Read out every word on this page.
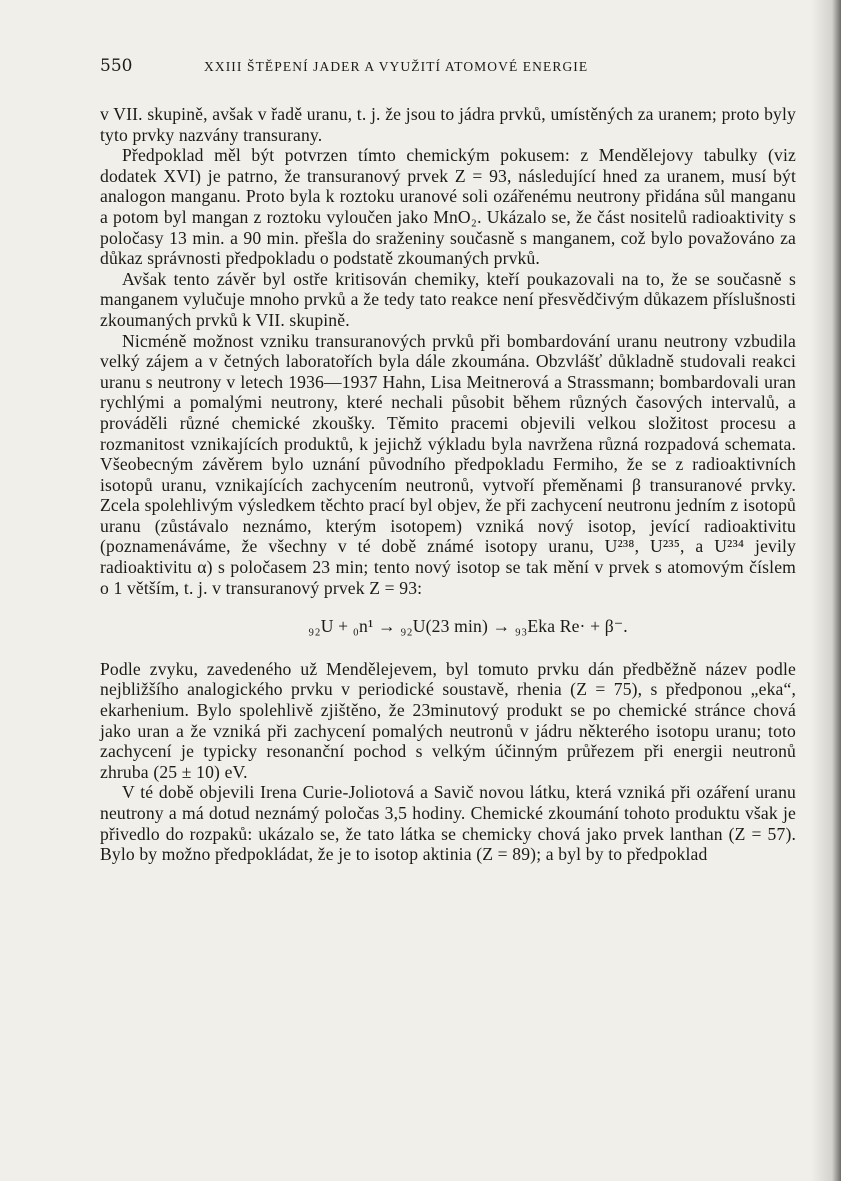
550	XXIII ŠTĚPENÍ JADER A VYUŽITÍ ATOMOVÉ ENERGIE

v VII. skupině, avšak v řadě uranu, t. j. že jsou to jádra prvků, umístěných za uranem; proto byly tyto prvky nazvány transurany.

Předpoklad měl být potvrzen tímto chemickým pokusem: z Mendělejovy tabulky (viz dodatek XVI) je patrno, že transuranový prvek Z = 93, následující hned za uranem, musí být analogon manganu. Proto byla k roztoku uranové soli ozářenému neutrony přidána sůl manganu a potom byl mangan z roztoku vyloučen jako MnO₂. Ukázalo se, že část nositelů radioaktivity s poločasy 13 min. a 90 min. přešla do sraženiny současně s manganem, což bylo považováno za důkaz správnosti předpokladu o podstatě zkoumaných prvků.

Avšak tento závěr byl ostře kritisován chemiky, kteří poukazovali na to, že se současně s manganem vylučuje mnoho prvků a že tedy tato reakce není přesvědčivým důkazem příslušnosti zkoumaných prvků k VII. skupině.

Nicméně možnost vzniku transuranových prvků při bombardování uranu neutrony vzbudila velký zájem a v četných laboratořích byla dále zkoumána. Obzvlášť důkladně studovali reakci uranu s neutrony v letech 1936—1937 Hahn, Lisa Meitnerová a Strassmann; bombardovali uran rychlými a pomalými neutrony, které nechali působit během různých časových intervalů, a prováděli různé chemické zkoušky. Těmito pracemi objevili velkou složitost procesu a rozmanitost vznikajících produktů, k jejichž výkladu byla navržena různá rozpadová schemata. Všeobecným závěrem bylo uznání původního předpokladu Fermiho, že se z radioaktivních isotopů uranu, vznikajících zachycením neutronů, vytvoří přeměnami β transuranové prvky. Zcela spolehlivým výsledkem těchto prací byl objev, že při zachycení neutronu jedním z isotopů uranu (zůstávalo neznámo, kterým isotopem) vzniká nový isotop, jevící radioaktivitu (poznamenáváme, že všechny v té době známé isotopy uranu, U²³⁸, U²³⁵, a U²³⁴ jevily radioaktivitu α) s poločasem 23 min; tento nový isotop se tak mění v prvek s atomovým číslem o 1 větším, t. j. v transuranový prvek Z = 93:

₉₂U + ₀n¹ → ₉₂U(23 min) → ₉₃Eka Re· + β⁻.

Podle zvyku, zavedeného už Mendělejevem, byl tomuto prvku dán předběžně název podle nejbližšího analogického prvku v periodické soustavě, rhenia (Z = 75), s předponou „eka“, ekarhenium. Bylo spolehlivě zjištěno, že 23minutový produkt se po chemické stránce chová jako uran a že vzniká při zachycení pomalých neutronů v jádru některého isotopu uranu; toto zachycení je typicky resonanční pochod s velkým účinným průřezem při energii neutronů zhruba (25 ± 10) eV.

V té době objevili Irena Curie-Joliotová a Savič novou látku, která vzniká při ozáření uranu neutrony a má dotud neznámý poločas 3,5 hodiny. Chemické zkoumání tohoto produktu však je přivedlo do rozpaků: ukázalo se, že tato látka se chemicky chová jako prvek lanthan (Z = 57). Bylo by možno předpokládat, že je to isotop aktinia (Z = 89); a byl by to předpoklad
